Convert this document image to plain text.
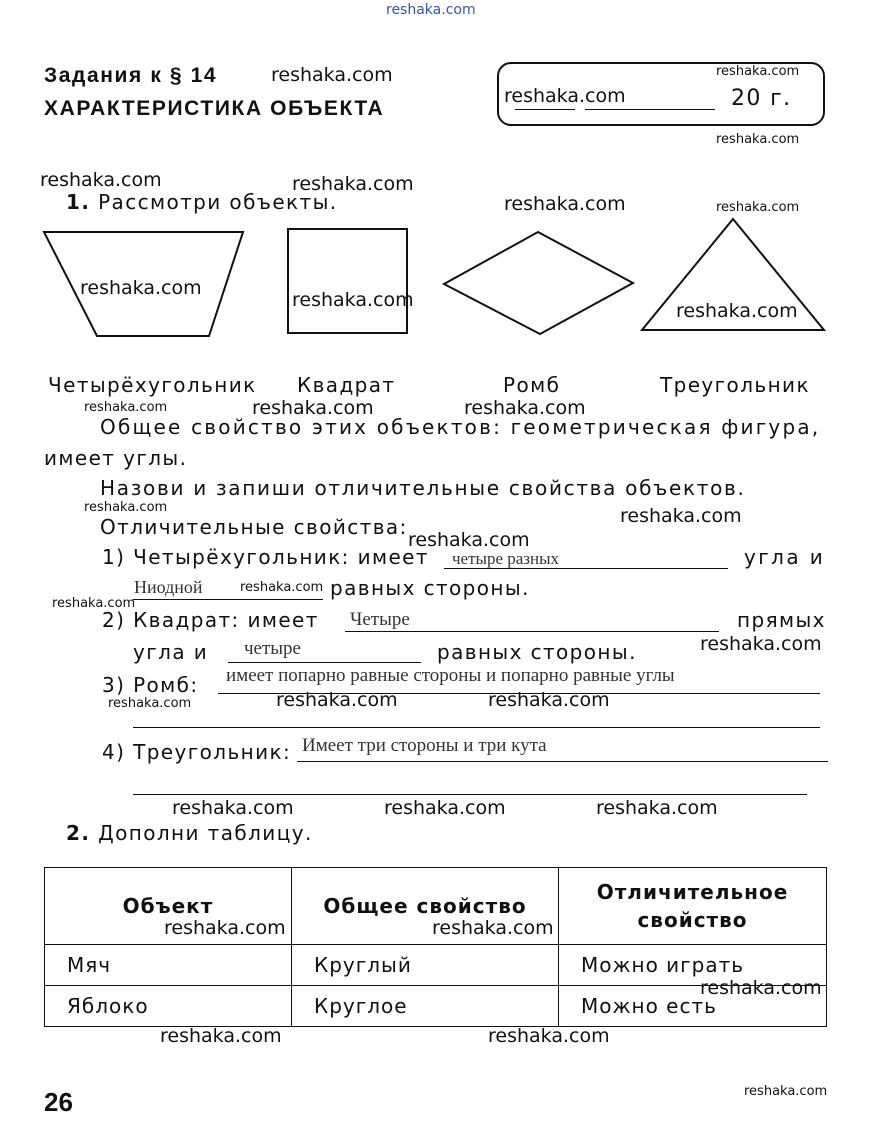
reshaka.com
Задания к § 14
ХАРАКТЕРИСТИКА ОБЪЕКТА	20 г.
1. Рассмотри объекты.
Четырёхугольник Квадрат	Ромб	Треугольник
Общее свойство этих объектов: геометрическая фигура,
имеет углы.
Назови и запиши отличительные свойства объектов.
Отличительные свойства:
1) Четырёхугольник: имеет четыре разных	угла и
Ниодной	равных стороны.
2) Квадрат: имеет Четыре	прямых
угла и четыре	равных стороны.
3) Ромб: имеет попарно равные стороны и попарно равные углы
4) Треугольник: Имеет три стороны и три кута
2. Дополни таблицу.
Объект	Общее свойство	Отличительное свойство
Мяч	Круглый	Можно играть
Яблоко	Круглое	Можно есть
26
reshaka.com	reshaka.com
reshaka.com
reshaka.com
reshaka.com	reshaka.com
reshaka.com	reshaka.com
reshaka.com
reshaka.com	reshaka.com
reshaka.com	reshaka.com	reshaka.com
reshaka.com	reshaka.com
reshaka.com
reshaka.com
reshaka.com
reshaka.com
reshaka.com	reshaka.com
reshaka.com
reshaka.com	reshaka.com	reshaka.com
reshaka.com	reshaka.com
reshaka.com
reshaka.com	reshaka.com
reshaka.com
